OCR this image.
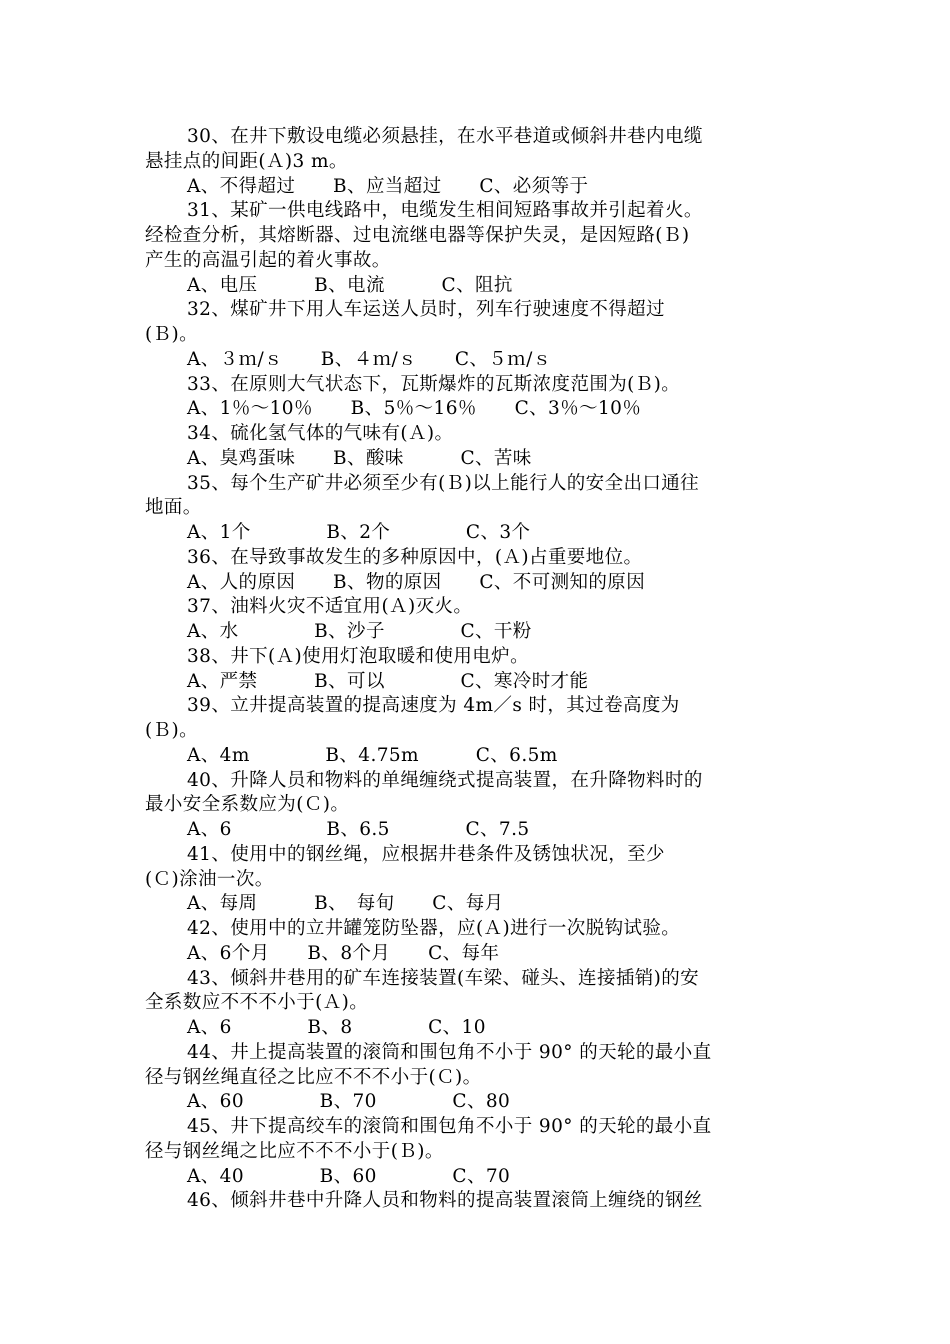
30、在井下敷设电缆必须悬挂，在水平巷道或倾斜井巷内电缆
悬挂点的间距(Ａ)3 m。
A、不得超过　　B、应当超过　　C、必须等于
31、某矿一供电线路中，电缆发生相间短路事故并引起着火。
经检查分析，其熔断器、过电流继电器等保护失灵，是因短路(Ｂ)
产生的高温引起的着火事故。
A、电压　　　B、电流　　　C、阻抗
32、煤矿井下用人车运送人员时，列车行驶速度不得超过
(Ｂ)。
A、３ｍ/ｓ　　B、４ｍ/ｓ　　C、５ｍ/ｓ
33、在原则大气状态下，瓦斯爆炸的瓦斯浓度范围为(Ｂ)。
A、1％～10％　　B、5％～16％　　C、3％～10％
34、硫化氢气体的气味有(Ａ)。
A、臭鸡蛋味　　B、酸味　　　C、苦味
35、每个生产矿井必须至少有(Ｂ)以上能行人的安全出口通往
地面。
A、1个　　　　B、2个　　　　C、3个
36、在导致事故发生的多种原因中，(Ａ)占重要地位。
A、人的原因　　B、物的原因　　C、不可测知的原因
37、油料火灾不适宜用(Ａ)灭火。
A、水　　　　B、沙子　　　　C、干粉
38、井下(Ａ)使用灯泡取暖和使用电炉。
A、严禁　　　B、可以　　　　C、寒冷时才能
39、立井提高装置的提高速度为 4m／s 时，其过卷高度为
(Ｂ)。
A、4m　　　　B、4.75m　　　C、6.5m
40、升降人员和物料的单绳缠绕式提高装置，在升降物料时的
最小安全系数应为(Ｃ)。
A、6　　　　　B、6.5　　　　C、7.5
41、使用中的钢丝绳，应根据井巷条件及锈蚀状况，至少
(Ｃ)涂油一次。
A、每周　　　B、　每旬　　C、每月
42、使用中的立井罐笼防坠器，应(Ａ)进行一次脱钩试验。
A、6个月　　B、8个月　　C、每年
43、倾斜井巷用的矿车连接装置(车梁、碰头、连接插销)的安
全系数应不不不小于(Ａ)。
A、6　　　　B、8　　　　C、10
44、井上提高装置的滚筒和围包角不小于 90° 的天轮的最小直
径与钢丝绳直径之比应不不不小于(Ｃ)。
A、60　　　　B、70　　　　C、80
45、井下提高绞车的滚筒和围包角不小于 90° 的天轮的最小直
径与钢丝绳之比应不不不小于(Ｂ)。
A、40　　　　B、60　　　　C、70
46、倾斜井巷中升降人员和物料的提高装置滚筒上缠绕的钢丝
